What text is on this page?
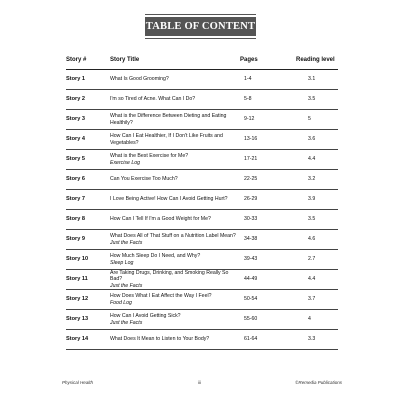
TABLE OF CONTENT
Story #	Story Title	Pages	Reading level
Story 1	What Is Good Grooming?	1-4	3.1
Story 2	I'm so Tired of Acne. What Can I Do?	5-8	3.5
Story 3	What is the Difference Between Dieting and Eating Healthily?	9-12	5
Story 4	How Can I Eat Healthier, If I Don't Like Fruits and Vegetables?	13-16	3.6
Story 5	What is the Best Exercise for Me?
Exercise Log	17-21	4.4
Story 6	Can You Exercise Too Much?	22-25	3.2
Story 7	I Love Being Active! How Can I Avoid Getting Hurt?	26-29	3.9
Story 8	How Can I Tell If I'm a Good Weight for Me?	30-33	3.5
Story 9	What Does All of That Stuff on a Nutrition Label Mean?
Just the Facts	34-38	4.6
Story 10	How Much Sleep Do I Need, and Why?
Sleep Log	39-43	2.7
Story 11	Are Taking Drugs, Drinking, and Smoking Really So Bad?
Just the Facts	44-49	4.4
Story 12	How Does What I Eat Affect the Way I Feel?
Food Log	50-54	3.7
Story 13	How Can I Avoid Getting Sick?
Just the Facts	55-60	4
Story 14	What Does It Mean to Listen to Your Body?	61-64	3.3
Physical Health	iii	©Remedia Publications
